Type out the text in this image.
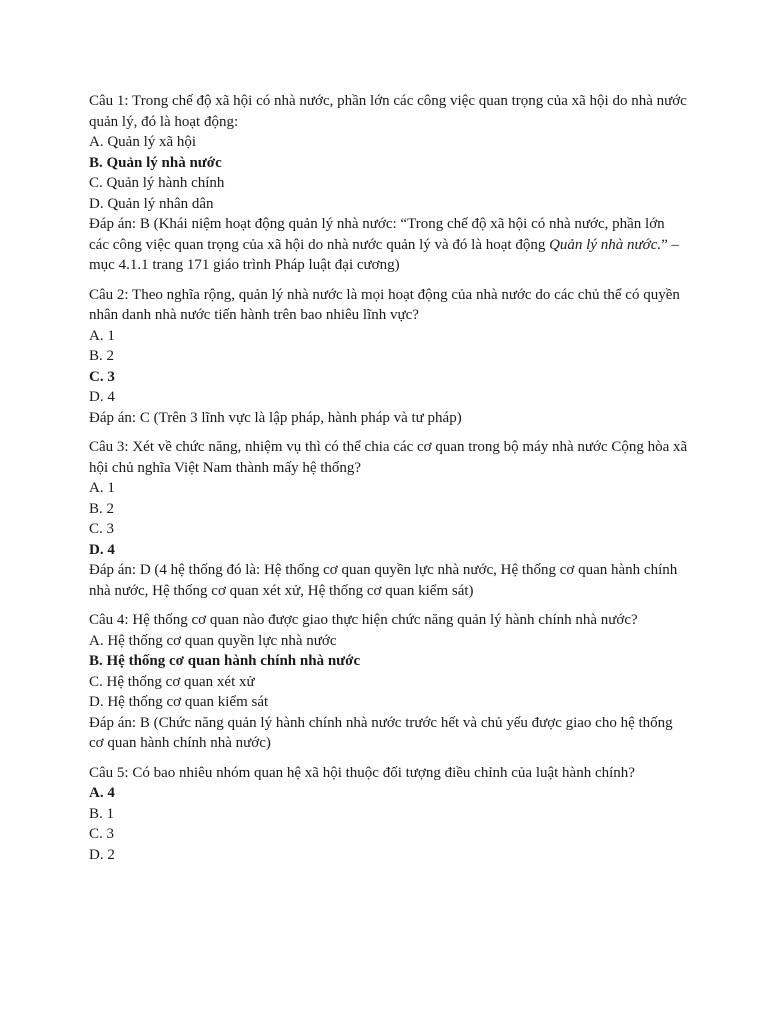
Câu 1: Trong chế độ xã hội có nhà nước, phần lớn các công việc quan trọng của xã hội do nhà nước quản lý, đó là hoạt động:
A. Quản lý xã hội
B. Quản lý nhà nước
C. Quản lý hành chính
D. Quản lý nhân dân
Đáp án: B (Khái niệm hoạt động quản lý nhà nước: “Trong chế độ xã hội có nhà nước, phần lớn các công việc quan trọng của xã hội do nhà nước quản lý và đó là hoạt động Quản lý nhà nước.” – mục 4.1.1 trang 171 giáo trình Pháp luật đại cương)
Câu 2: Theo nghĩa rộng, quản lý nhà nước là mọi hoạt động của nhà nước do các chủ thể có quyền nhân danh nhà nước tiến hành trên bao nhiêu lĩnh vực?
A. 1
B. 2
C. 3
D. 4
Đáp án: C (Trên 3 lĩnh vực là lập pháp, hành pháp và tư pháp)
Câu 3: Xét về chức năng, nhiệm vụ thì có thể chia các cơ quan trong bộ máy nhà nước Cộng hòa xã hội chủ nghĩa Việt Nam thành mấy hệ thống?
A. 1
B. 2
C. 3
D. 4
Đáp án: D (4 hệ thống đó là: Hệ thống cơ quan quyền lực nhà nước, Hệ thống cơ quan hành chính nhà nước, Hệ thống cơ quan xét xử, Hệ thống cơ quan kiểm sát)
Câu 4: Hệ thống cơ quan nào được giao thực hiện chức năng quản lý hành chính nhà nước?
A. Hệ thống cơ quan quyền lực nhà nước
B. Hệ thống cơ quan hành chính nhà nước
C. Hệ thống cơ quan xét xử
D. Hệ thống cơ quan kiểm sát
Đáp án: B (Chức năng quản lý hành chính nhà nước trước hết và chủ yếu được giao cho hệ thống cơ quan hành chính nhà nước)
Câu 5: Có bao nhiêu nhóm quan hệ xã hội thuộc đối tượng điều chỉnh của luật hành chính?
A. 4
B. 1
C. 3
D. 2
